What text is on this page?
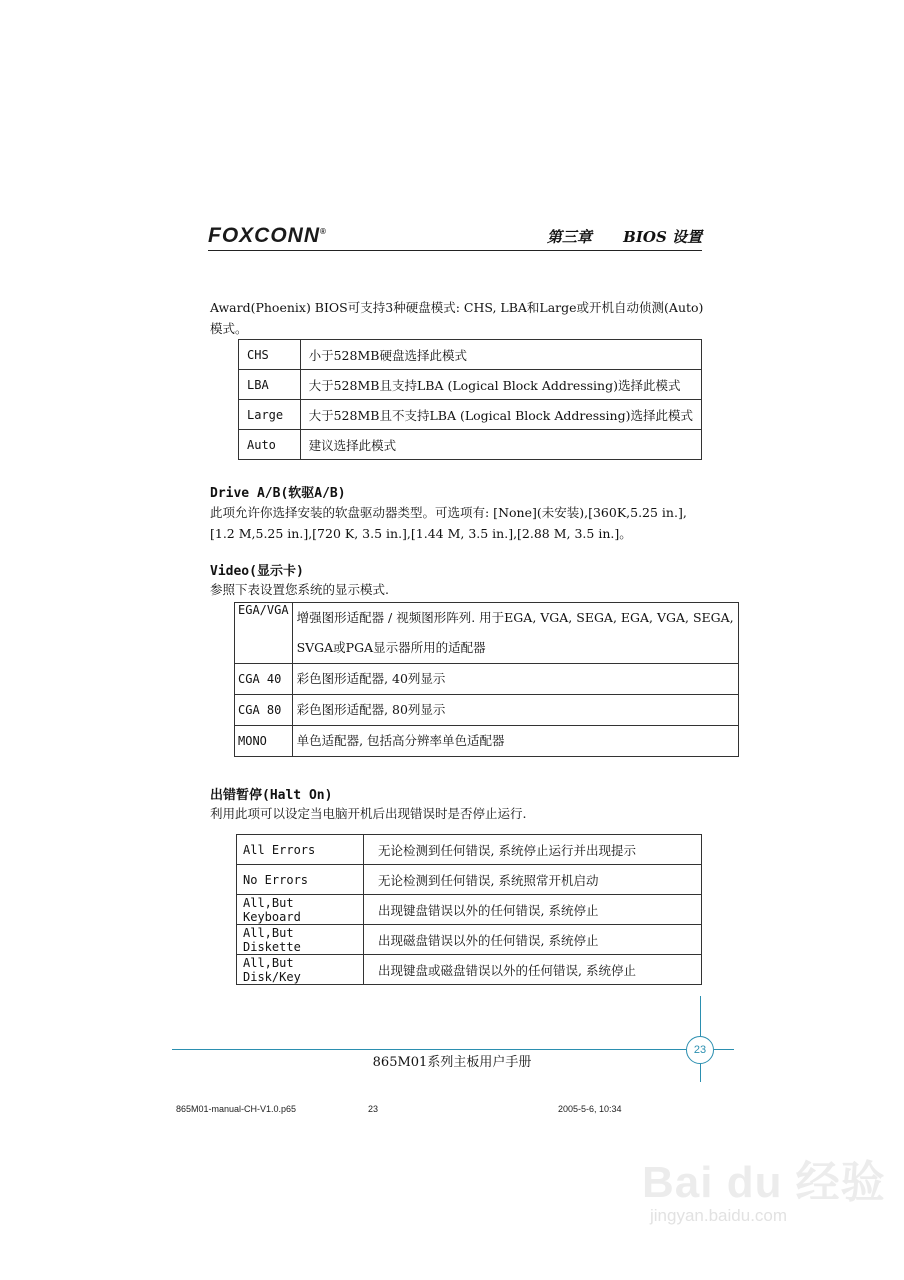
FOXCONN®	第三章      BIOS 设置
Award(Phoenix) BIOS可支持3种硬盘模式: CHS, LBA和Large或开机自动侦测(Auto)模式。
CHS	小于528MB硬盘选择此模式
LBA	大于528MB且支持LBA (Logical Block Addressing)选择此模式
Large	大于528MB且不支持LBA (Logical Block Addressing)选择此模式
Auto	建议选择此模式
Drive A/B(软驱A/B)
此项允许你选择安装的软盘驱动器类型。可选项有: [None](未安装),[360K,5.25 in.],[1.2 M,5.25 in.],[720 K, 3.5 in.],[1.44 M, 3.5 in.],[2.88 M, 3.5 in.]。
Video(显示卡)
参照下表设置您系统的显示模式.
EGA/VGA	增强图形适配器 / 视频图形阵列. 用于EGA, VGA, SEGA, EGA, VGA, SEGA,
SVGA或PGA显示器所用的适配器

CGA 40	彩色图形适配器, 40列显示

CGA 80	彩色图形适配器, 80列显示

MONO	单色适配器, 包括高分辨率单色适配器
出错暂停(Halt On)
利用此项可以设定当电脑开机后出现错误时是否停止运行.
All Errors	无论检测到任何错误, 系统停止运行并出现提示
No Errors	无论检测到任何错误, 系统照常开机启动
All,But Keyboard	出现键盘错误以外的任何错误, 系统停止
All,But Diskette	出现磁盘错误以外的任何错误, 系统停止
All,But Disk/Key	出现键盘或磁盘错误以外的任何错误, 系统停止
23
865M01系列主板用户手册
865M01-manual-CH-V1.0.p65	23	2005-5-6, 10:34
Bai du 经验
jingyan.baidu.com
